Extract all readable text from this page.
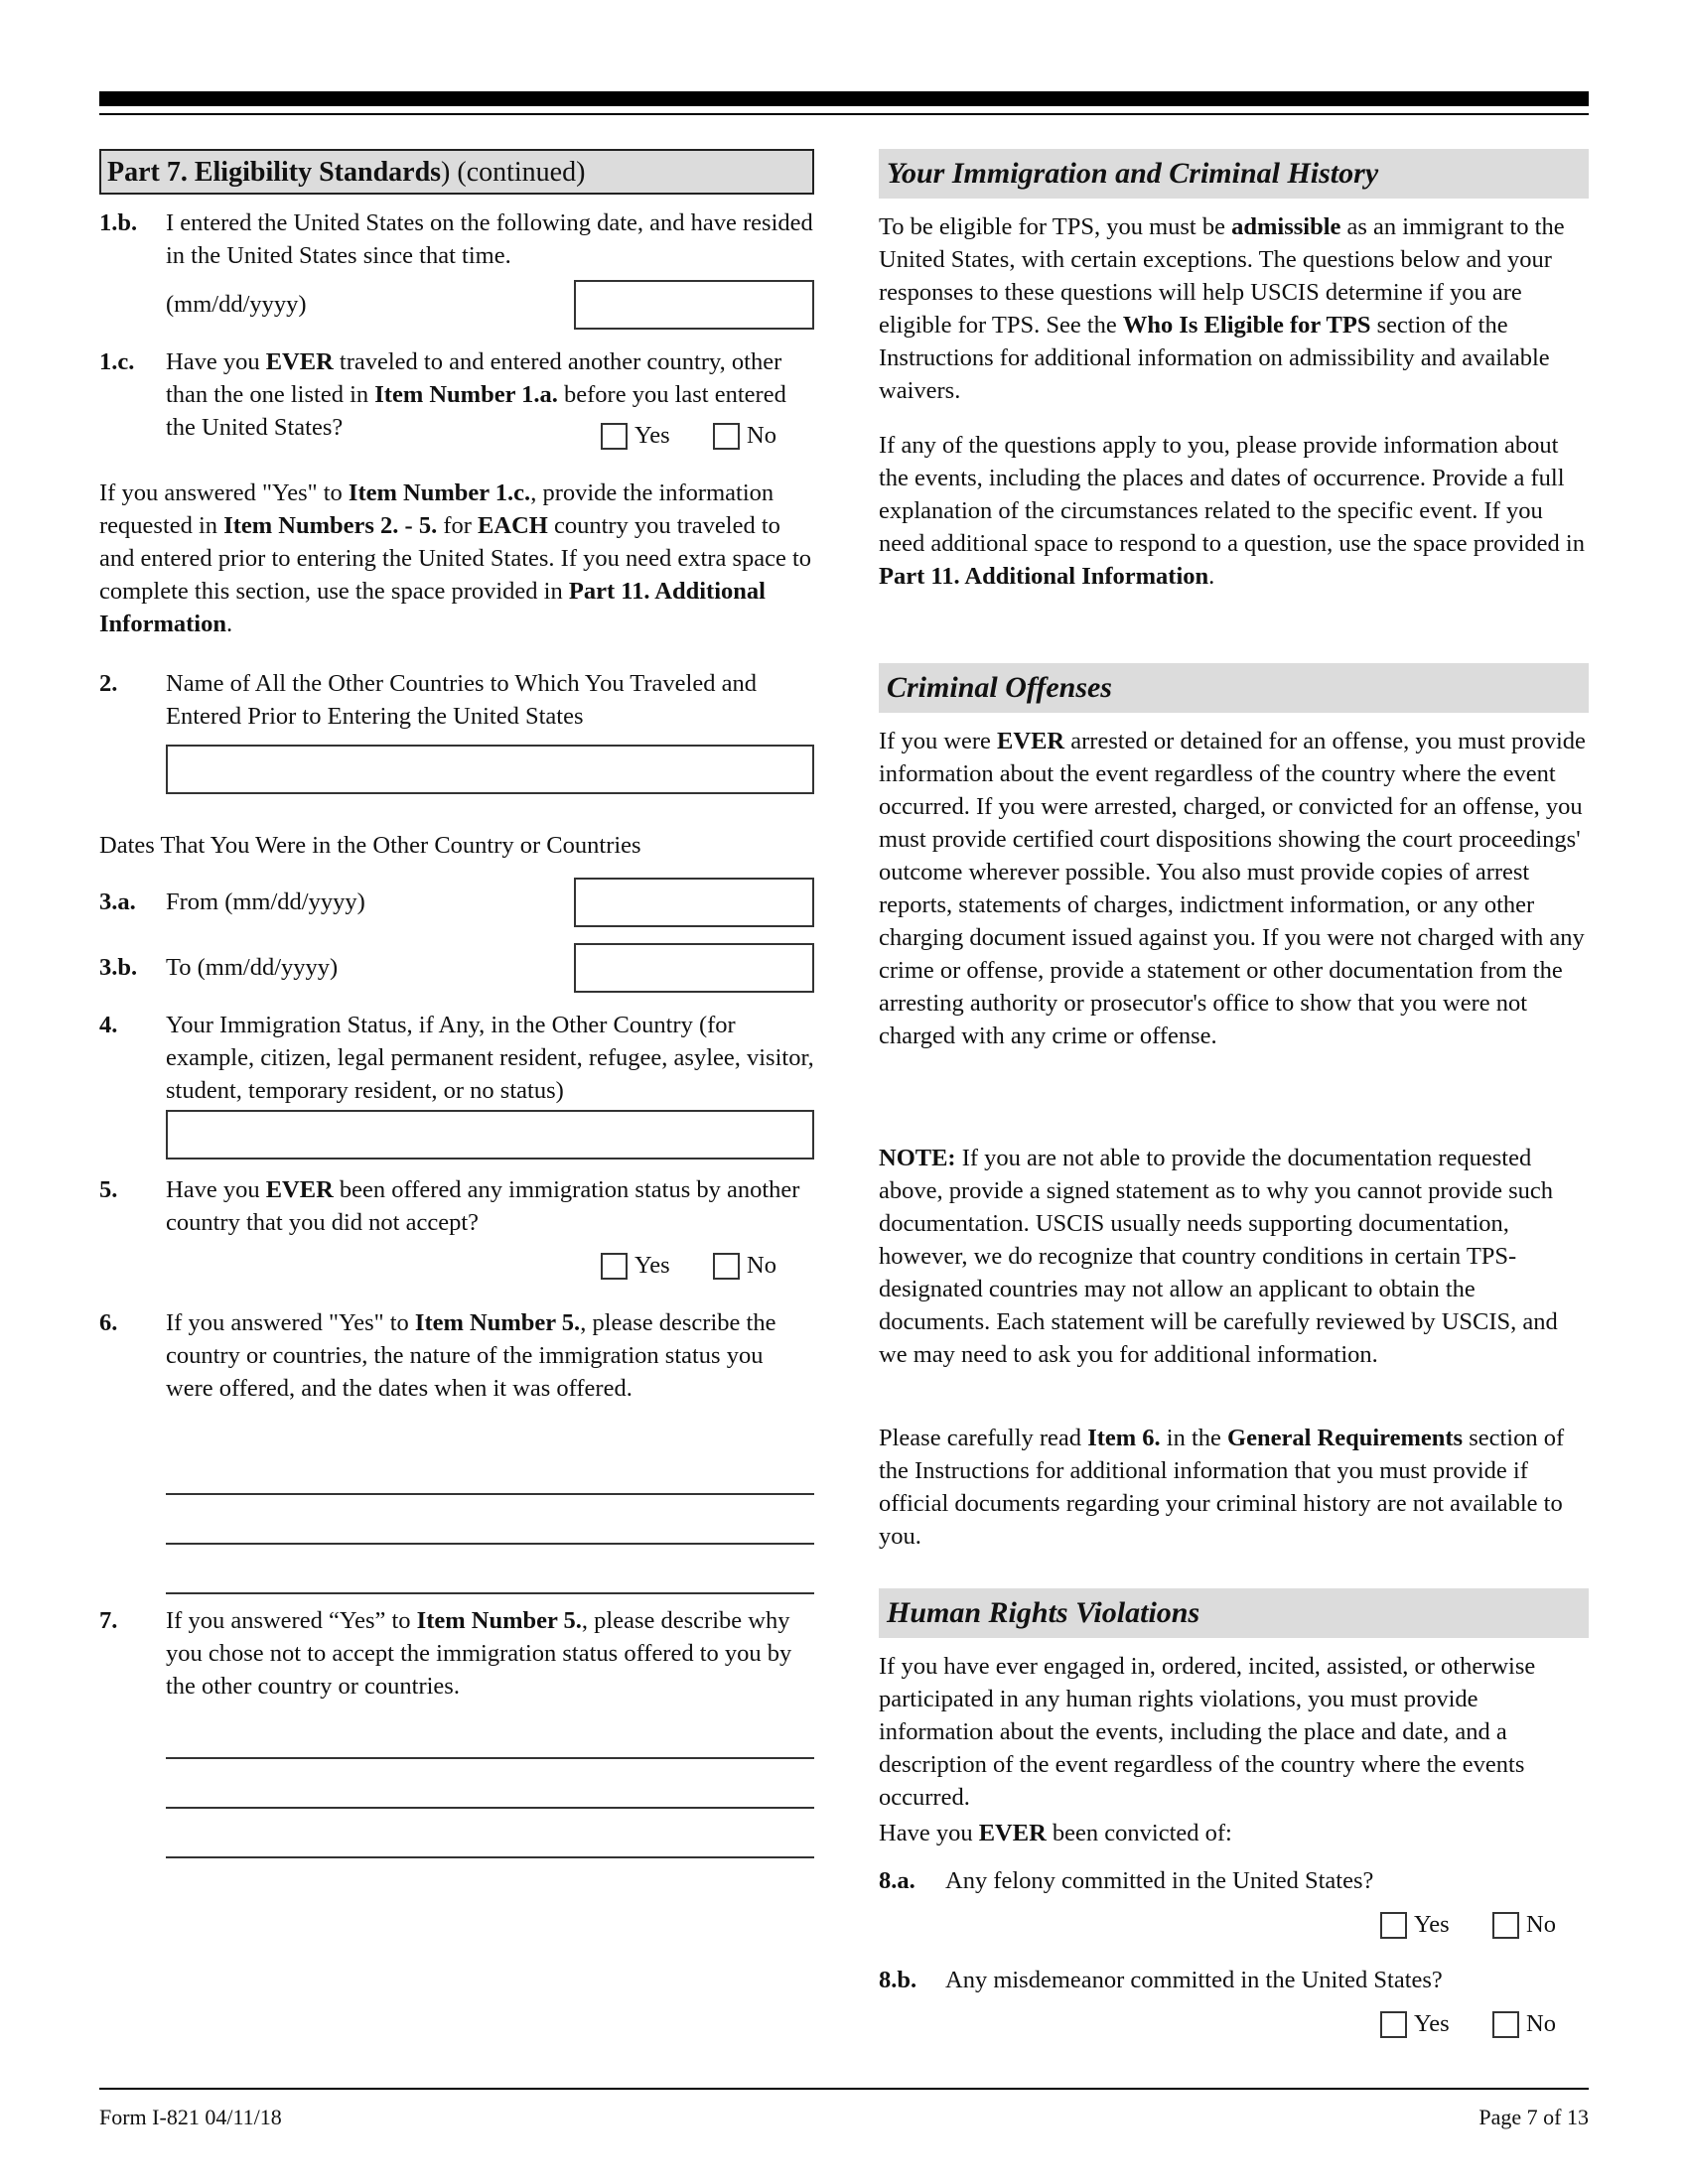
Part 7. Eligibility Standards) (continued)
1.b.	I entered the United States on the following date, and have resided in the United States since that time.
(mm/dd/yyyy)
1.c.	Have you EVER traveled to and entered another country, other than the one listed in Item Number 1.a. before you last entered the United States?	Yes	No
If you answered "Yes" to Item Number 1.c., provide the information requested in Item Numbers 2. - 5. for EACH country you traveled to and entered prior to entering the United States. If you need extra space to complete this section, use the space provided in Part 11. Additional Information.
2.	Name of All the Other Countries to Which You Traveled and Entered Prior to Entering the United States
Dates That You Were in the Other Country or Countries
3.a.	From (mm/dd/yyyy)
3.b.	To (mm/dd/yyyy)
4.	Your Immigration Status, if Any, in the Other Country (for example, citizen, legal permanent resident, refugee, asylee, visitor, student, temporary resident, or no status)
5.	Have you EVER been offered any immigration status by another country that you did not accept?
Yes	No
6.	If you answered "Yes" to Item Number 5., please describe the country or countries, the nature of the immigration status you were offered, and the dates when it was offered.
7.	If you answered “Yes” to Item Number 5., please describe why you chose not to accept the immigration status offered to you by the other country or countries.
Your Immigration and Criminal History
To be eligible for TPS, you must be admissible as an immigrant to the United States, with certain exceptions. The questions below and your responses to these questions will help USCIS determine if you are eligible for TPS. See the Who Is Eligible for TPS section of the Instructions for additional information on admissibility and available waivers.
If any of the questions apply to you, please provide information about the events, including the places and dates of occurrence. Provide a full explanation of the circumstances related to the specific event. If you need additional space to respond to a question, use the space provided in Part 11. Additional Information.
Criminal Offenses
If you were EVER arrested or detained for an offense, you must provide information about the event regardless of the country where the event occurred. If you were arrested, charged, or convicted for an offense, you must provide certified court dispositions showing the court proceedings' outcome wherever possible. You also must provide copies of arrest reports, statements of charges, indictment information, or any other charging document issued against you. If you were not charged with any crime or offense, provide a statement or other documentation from the arresting authority or prosecutor's office to show that you were not charged with any crime or offense.
NOTE: If you are not able to provide the documentation requested above, provide a signed statement as to why you cannot provide such documentation. USCIS usually needs supporting documentation, however, we do recognize that country conditions in certain TPS-designated countries may not allow an applicant to obtain the documents. Each statement will be carefully reviewed by USCIS, and we may need to ask you for additional information.
Please carefully read Item 6. in the General Requirements section of the Instructions for additional information that you must provide if official documents regarding your criminal history are not available to you.
Human Rights Violations
If you have ever engaged in, ordered, incited, assisted, or otherwise participated in any human rights violations, you must provide information about the events, including the place and date, and a description of the event regardless of the country where the events occurred.
Have you EVER been convicted of:
8.a.	Any felony committed in the United States?
Yes	No
8.b.	Any misdemeanor committed in the United States?
Yes	No
Form I-821 04/11/18	Page 7 of 13
